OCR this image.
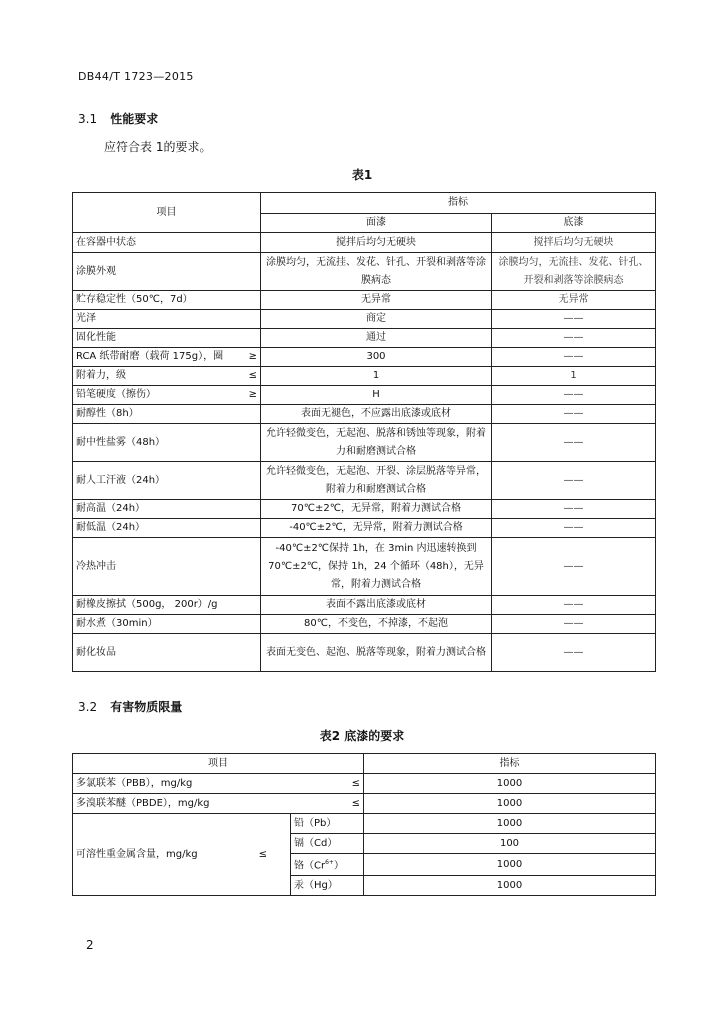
DB44/T 1723—2015
3.1 性能要求
应符合表 1的要求。
表1
项目	指标	
	面漆	底漆

在容器中状态	搅拌后均匀无硬块	搅拌后均匀无硬块

涂膜外观	涂膜均匀，无流挂、发花、针孔、开裂和剥落等涂膜病态	涂膜均匀，无流挂、发花、针孔、开裂和剥落等涂膜病态

贮存稳定性（50℃，7d）	无异常	无异常

光泽	商定	——

固化性能	通过	——

RCA 纸带耐磨（载荷 175g），圈 ≥	300	——

附着力，级 ≤	1	1

铅笔硬度（擦伤） ≥	H	——

耐醇性（8h）	表面无褪色，不应露出底漆或底材	——

耐中性盐雾（48h）	允许轻微变色，无起泡、脱落和锈蚀等现象，附着力和耐磨测试合格	——

耐人工汗液（24h）	允许轻微变色，无起泡、开裂、涂层脱落等异常，附着力和耐磨测试合格	——

耐高温（24h）	70℃±2℃，无异常，附着力测试合格	——

耐低温（24h）	-40℃±2℃，无异常，附着力测试合格	——

冷热冲击	-40℃±2℃保持 1h，在 3min 内迅速转换到 70℃±2℃，保持 1h，24 个循环（48h），无异常，附着力测试合格	——

耐橡皮擦拭（500g， 200r）/g	表面不露出底漆或底材	——

耐水煮（30min）	80℃，不变色，不掉漆，不起泡	——

耐化妆品	表面无变色、起泡、脱落等现象，附着力测试合格	——
3.2 有害物质限量
表2 底漆的要求
项目		指标

多氯联苯（PBB），mg/kg ≤		1000

多溴联苯醚（PBDE），mg/kg ≤		1000

可溶性重金属含量，mg/kg ≤	铅（Pb）	1000
	镉（Cd）	100
	铬$(Cr^{6+})$	1000
	汞（Hg）	1000
2
